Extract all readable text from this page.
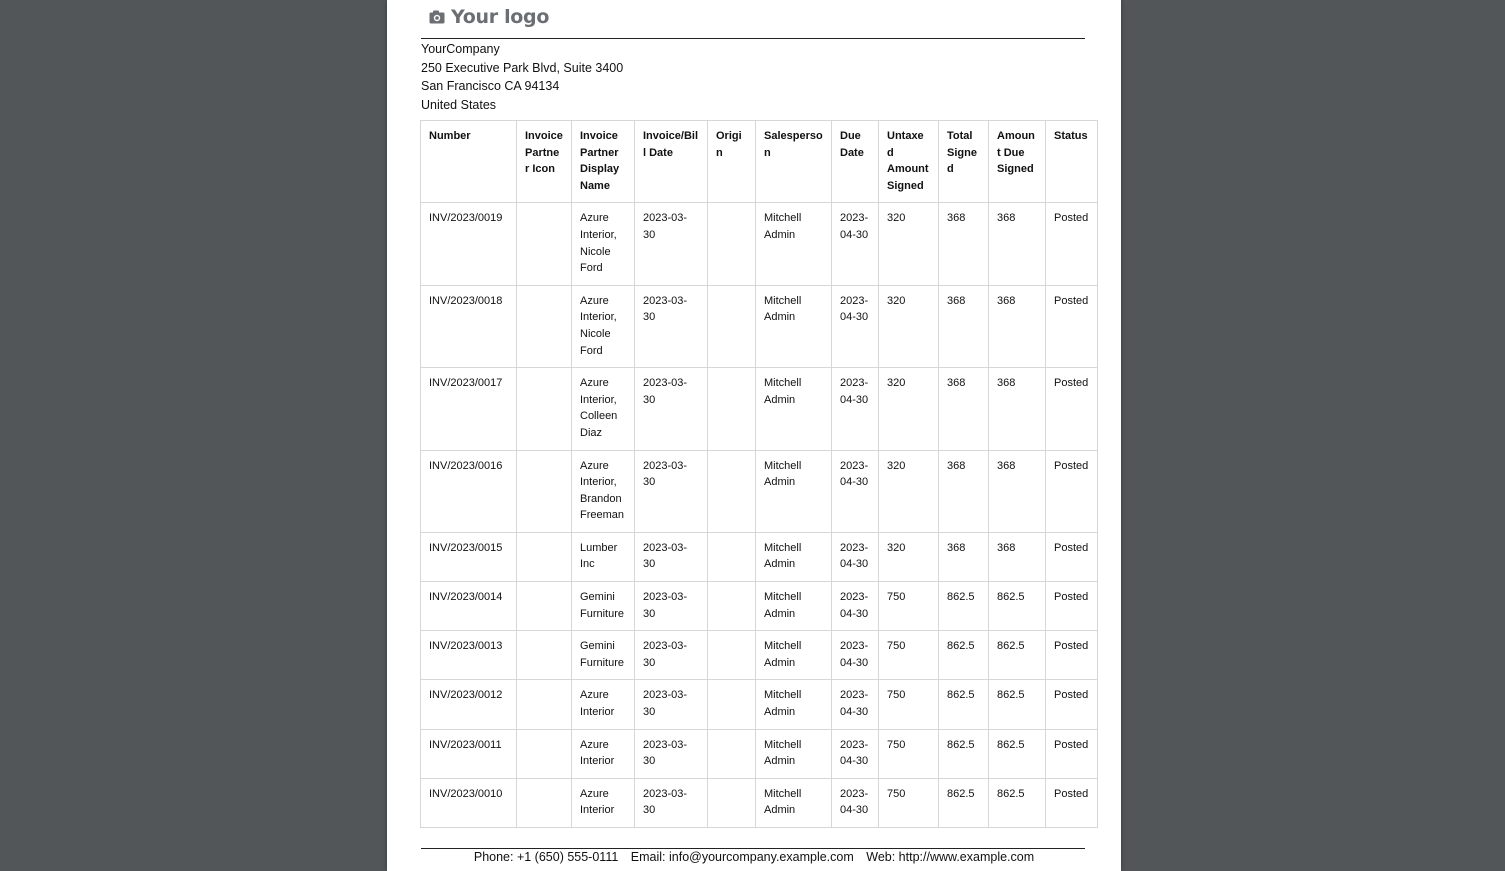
Your logo
YourCompany
250 Executive Park Blvd, Suite 3400
San Francisco CA 94134
United States
Number	Invoice Partner Icon	Invoice Partner Display Name	Invoice/Bill Date	Origin	Salesperson	Due Date	Untaxed Amount Signed	Total Signed	Amount Due Signed	Status
INV/2023/0019		Azure Interior, Nicole Ford	2023-03-30		Mitchell Admin	2023-04-30	320	368	368	Posted
INV/2023/0018		Azure Interior, Nicole Ford	2023-03-30		Mitchell Admin	2023-04-30	320	368	368	Posted
INV/2023/0017		Azure Interior, Colleen Diaz	2023-03-30		Mitchell Admin	2023-04-30	320	368	368	Posted
INV/2023/0016		Azure Interior, Brandon Freeman	2023-03-30		Mitchell Admin	2023-04-30	320	368	368	Posted
INV/2023/0015		Lumber Inc	2023-03-30		Mitchell Admin	2023-04-30	320	368	368	Posted
INV/2023/0014		Gemini Furniture	2023-03-30		Mitchell Admin	2023-04-30	750	862.5	862.5	Posted
INV/2023/0013		Gemini Furniture	2023-03-30		Mitchell Admin	2023-04-30	750	862.5	862.5	Posted
INV/2023/0012		Azure Interior	2023-03-30		Mitchell Admin	2023-04-30	750	862.5	862.5	Posted
INV/2023/0011		Azure Interior	2023-03-30		Mitchell Admin	2023-04-30	750	862.5	862.5	Posted
INV/2023/0010		Azure Interior	2023-03-30		Mitchell Admin	2023-04-30	750	862.5	862.5	Posted
Phone: +1 (650) 555-0111 Email: info@yourcompany.example.com Web: http://www.example.com
